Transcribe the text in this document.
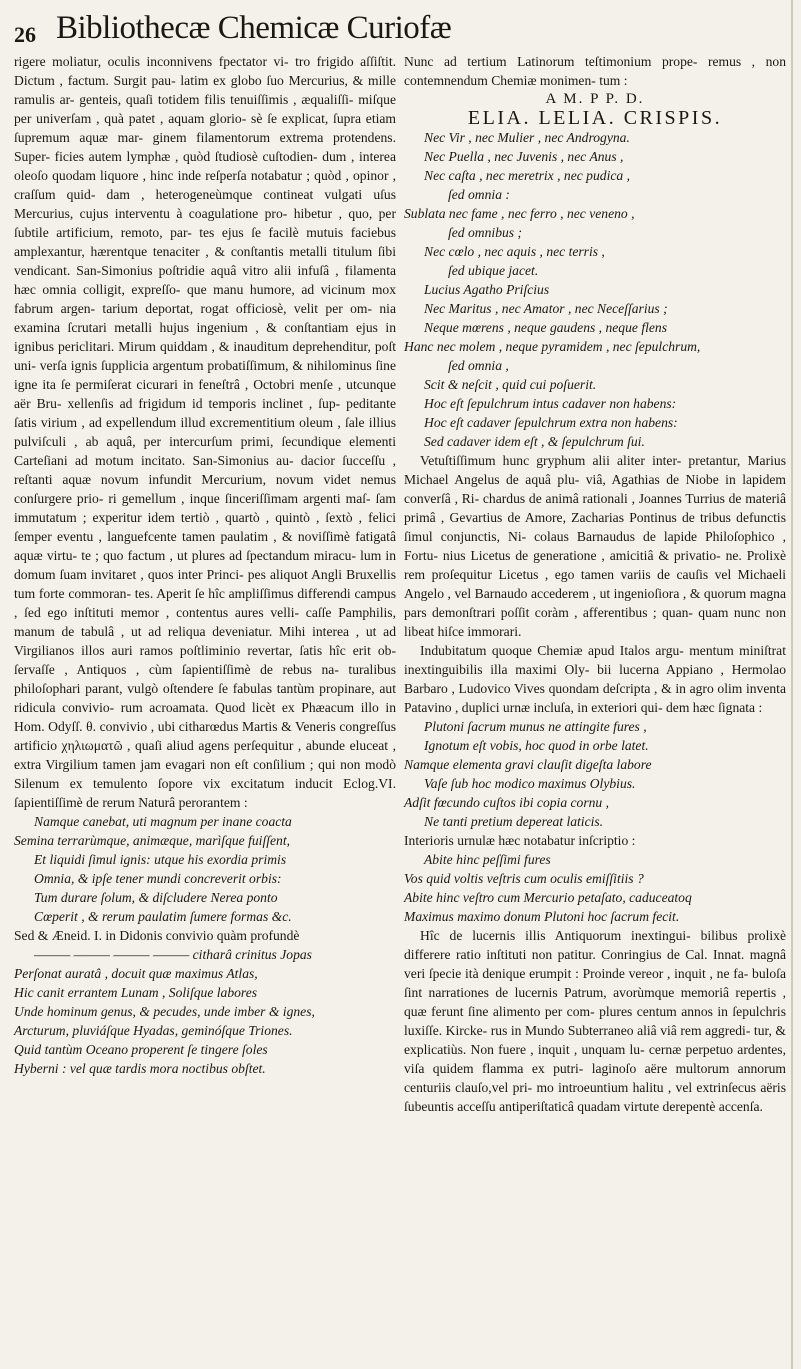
26 Bibliothecæ Chemicæ Curiofæ

rigere moliatur, oculis inconnivens fpectator vi- tro frigido aſſiſtit. Dictum , factum. Surgit pau- latim ex globo ſuo Mercurius, & mille ramulis ar- genteis, quaſi totidem filis tenuiſſimis , æqualiſſi- miſque per univerſam , quà patet , aquam glorio- sè ſe explicat, ſupra etiam ſupremum aquæ mar- ginem filamentorum extrema protendens. Super- ficies autem lymphæ , quòd ſtudiosè cuſtodien- dum , interea oleoſo quodam liquore , hinc inde reſperſa notabatur ; quòd , opinor , craſſum quid- dam , heterogeneùmque contineat vulgati uſus Mercurius, cujus interventu à coagulatione pro- hibetur , quo, per ſubtile artificium, remoto, par- tes ejus ſe facilè mutuis faciebus amplexantur, hærentque tenaciter , & conſtantis metalli titulum ſibi vendicant. San-Simonius poſtridie aquâ vitro alii infuſâ , filamenta hæc omnia colligit, expreſſo- que manu humore, ad vicinum mox fabrum argen- tarium deportat, rogat officiosè, velit per om- nia examina ſcrutari metalli hujus ingenium , & conſtantiam ejus in ignibus periclitari. Mirum quiddam , & inauditum deprehenditur, poſt uni- verſa ignis ſupplicia argentum probatiſſimum, & nihilominus ſine igne ita ſe permiſerat cicurari in feneſtrâ , Octobri menſe , utcunque aër Bru- xellenſis ad frigidum id temporis inclinet , ſup- peditante ſatis virium , ad expellendum illud excrementitium oleum , ſale illius pulviſculi , ab aquâ, per intercurſum primi, ſecundique elementi Carteſiani ad motum incitato. San-Simonius au- dacior ſucceſſu , reſtanti aquæ novum infundit Mercurium, novum videt nemus conſurgere prio- ri gemellum , inque ſinceriſſimam argenti maſ- ſam immutatum ; experitur idem tertiò , quartò , quintò , ſextò , felici ſemper eventu , languefcente tamen paulatim , & noviſſimè fatigatâ aquæ virtu- te ; quo factum , ut plures ad ſpectandum miracu- lum in domum ſuam invitaret , quos inter Princi- pes aliquot Angli Bruxellis tum forte commoran- tes. Aperit ſe hîc ampliſſimus differendi campus , ſed ego inſtituti memor , contentus aures velli- caſſe Pamphilis, manum de tabulâ , ut ad reliqua deveniatur. Mihi interea , ut ad Virgilianos illos auri ramos poſtliminio revertar, ſatis hîc erit ob- ſervaſſe , Antiquos , cùm ſapientiſſimè de rebus na- turalibus philoſophari parant, vulgò oſtendere ſe fabulas tantùm propinare, aut ridicula convivio- rum acroamata. Quod licèt ex Phæacum illo in Hom. Odyſſ. θ. convivio , ubi citharœdus Martis & Veneris congreſſus artificio χηλιωματῶ , quaſi aliud agens perſequitur , abunde eluceat , extra Virgilium tamen jam evagari non eſt conſilium ; qui non modò Silenum ex temulento ſopore vix excitatum inducit Eclog.VI. ſapientiſſimè de rerum Naturâ perorantem :

Namque canebat, uti magnum per inane coacta

Semina terrarùmque, animæque, marìſque fuiſſent,

Et liquidi ſimul ignis: utque his exordia primis

Omnia, & ipſe tener mundi concreverit orbis:

Tum durare ſolum, & diſcludere Nerea ponto

Cœperit , & rerum paulatim ſumere formas &c.

Sed & Æneid. I. in Didonis convivio quàm profundè

——— ——— ——— ——— citharâ crinitus Jopas

Perſonat auratâ , docuit quæ maximus Atlas,

Hic canit errantem Lunam , Soliſque labores

Unde hominum genus, & pecudes, unde imber & ignes,

Arcturum, pluviáſque Hyadas, geminóſque Triones.

Quid tantùm Oceano properent ſe tingere ſoles

Hyberni : vel quæ tardis mora noctibus obſtet.

Nunc ad tertium Latinorum teſtimonium prope- remus , non contemnendum Chemiæ monimen- tum :

A M. P P. D.

ELIA. LELIA. CRISPIS.

Nec Vir , nec Mulier , nec Androgyna.

Nec Puella , nec Juvenis , nec Anus ,

Nec caſta , nec meretrix , nec pudica ,

ſed omnia :

Sublata nec fame , nec ferro , nec veneno ,

ſed omnibus ;

Nec cœlo , nec aquis , nec terris ,

ſed ubique jacet.

Lucius Agatho Priſcius

Nec Maritus , nec Amator , nec Neceſſarius ;

Neque mœrens , neque gaudens , neque flens

Hanc nec molem , neque pyramidem , nec ſepulchrum,

ſed omnia ,

Scit & neſcit , quid cui poſuerit.

Hoc eſt ſepulchrum intus cadaver non habens:

Hoc eſt cadaver ſepulchrum extra non habens:

Sed cadaver idem eſt , & ſepulchrum ſui.

Vetuſtiſſimum hunc gryphum alii aliter inter- pretantur, Marius Michael Angelus de aquâ plu- viâ, Agathias de Niobe in lapidem converſâ , Ri- chardus de animâ rationali , Joannes Turrius de materiâ primâ , Gevartius de Amore, Zacharias Pontinus de tribus defunctis ſimul conjunctis, Ni- colaus Barnaudus de lapide Philoſophico , Fortu- nius Licetus de generatione , amicitiâ & privatio- ne. Prolixè rem proſequitur Licetus , ego tamen variis de cauſis vel Michaeli Angelo , vel Barnaudo accederem , ut ingenioſiora , & quorum magna pars demonſtrari poſſit coràm , afferentibus ; quan- quam nunc non libeat hiſce immorari.

Indubitatum quoque Chemiæ apud Italos argu- mentum miniſtrat inextinguibilis illa maximi Oly- bii lucerna Appiano , Hermolao Barbaro , Ludovico Vives quondam deſcripta , & in agro olim inventa Patavino , duplici urnæ incluſa, in exteriori qui- dem hæc ſignata :

Plutoni ſacrum munus ne attingite fures ,

Ignotum eſt vobis, hoc quod in orbe latet.

Namque elementa gravi clauſit digeſta labore

Vaſe ſub hoc modico maximus Olybius.

Adſit fœcundo cuſtos ibi copia cornu ,

Ne tanti pretium depereat laticis.

Interioris urnulæ hæc notabatur inſcriptio :

Abite hinc peſſimi fures

Vos quid voltis veſtris cum oculis emiſſitiis ?

Abite hinc veſtro cum Mercurio petaſato, caduceatoq

Maximus maximo donum Plutoni hoc ſacrum fecit.

Hîc de lucernis illis Antiquorum inextingui- bilibus prolixè differere ratio inſtituti non patitur. Conringius de Cal. Innat. magnâ veri ſpecie ità denique erumpit : Proinde vereor , inquit , ne fa- buloſa ſint narrationes de lucernis Patrum, avorùmque memoriâ repertis , quæ ferunt ſine alimento per com- plures centum annos in ſepulchris luxiſſe. Kircke- rus in Mundo Subterraneo aliâ viâ rem aggredi- tur, & explicatiùs. Non fuere , inquit , unquam lu- cernæ perpetuo ardentes, viſa quidem flamma ex putri- laginoſo aëre multorum annorum centuriis clauſo,vel pri- mo introeuntium halitu , vel extrinſecus aëris ſubeuntis acceſſu antiperiſtaticâ quadam virtute derepentè accenſa.
